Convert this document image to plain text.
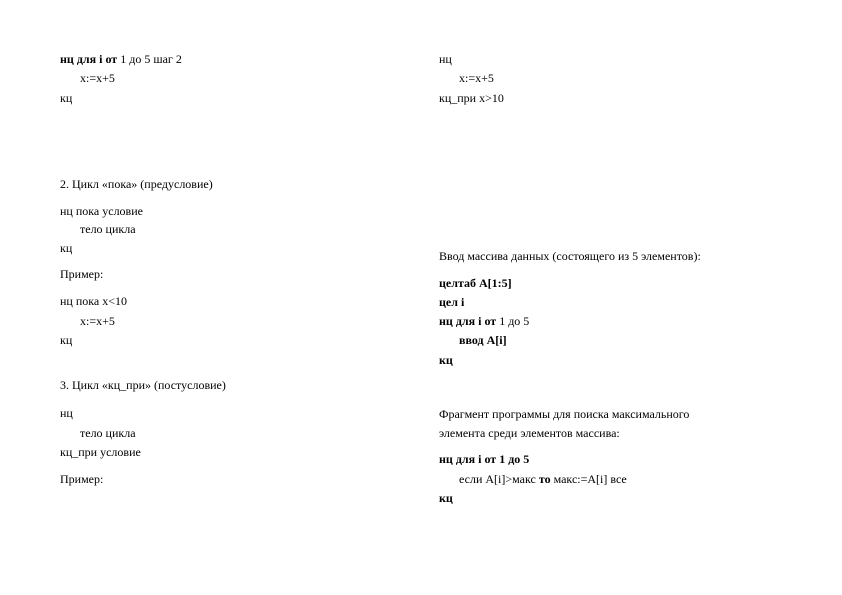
нц для i от 1 до 5 шаг 2
x:=x+5
кц
2. Цикл «пока» (предусловие)
нц пока условие
тело цикла
кц
Пример:
нц пока x<10
x:=x+5
кц
3. Цикл «кц_при» (постусловие)
нц
тело цикла
кц_при условие
Пример:
нц
x:=x+5
кц_при x>10
Ввод массива данных (состоящего из 5 элементов):
целтаб A[1:5]
цел i
нц для i от 1 до 5
ввод A[i]
кц
Фрагмент программы для поиска максимального
элемента среди элементов массива:
нц для i от 1 до 5
если A[i]>макс то макс:=A[i] все
кц
